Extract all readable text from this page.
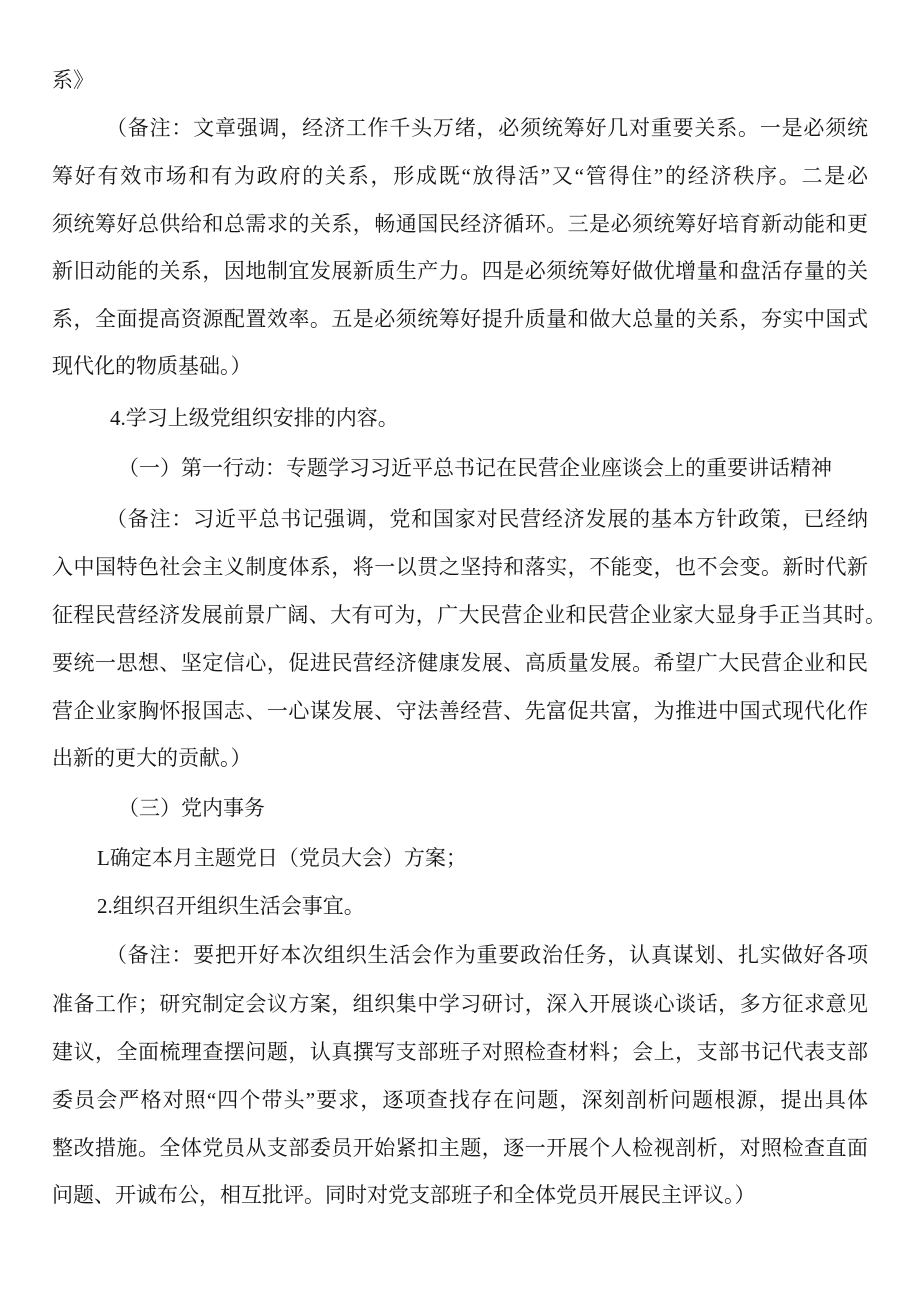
系》
（备注：文章强调，经济工作千头万绪，必须统筹好几对重要关系。一是必须统
筹好有效市场和有为政府的关系，形成既“放得活”又“管得住”的经济秩序。二是必
须统筹好总供给和总需求的关系，畅通国民经济循环。三是必须统筹好培育新动能和更
新旧动能的关系，因地制宜发展新质生产力。四是必须统筹好做优增量和盘活存量的关
系，全面提高资源配置效率。五是必须统筹好提升质量和做大总量的关系，夯实中国式
现代化的物质基础。）
4.学习上级党组织安排的内容。
（一）第一行动：专题学习习近平总书记在民营企业座谈会上的重要讲话精神
（备注：习近平总书记强调，党和国家对民营经济发展的基本方针政策，已经纳
入中国特色社会主义制度体系，将一以贯之坚持和落实，不能变，也不会变。新时代新
征程民营经济发展前景广阔、大有可为，广大民营企业和民营企业家大显身手正当其时。
要统一思想、坚定信心，促进民营经济健康发展、高质量发展。希望广大民营企业和民
营企业家胸怀报国志、一心谋发展、守法善经营、先富促共富，为推进中国式现代化作
出新的更大的贡献。）
（三）党内事务
L确定本月主题党日（党员大会）方案；
2.组织召开组织生活会事宜。
（备注：要把开好本次组织生活会作为重要政治任务，认真谋划、扎实做好各项
准备工作；研究制定会议方案，组织集中学习研讨，深入开展谈心谈话，多方征求意见
建议，全面梳理查摆问题，认真撰写支部班子对照检查材料；会上，支部书记代表支部
委员会严格对照“四个带头”要求，逐项查找存在问题，深刻剖析问题根源，提出具体
整改措施。全体党员从支部委员开始紧扣主题，逐一开展个人检视剖析，对照检查直面
问题、开诚布公，相互批评。同时对党支部班子和全体党员开展民主评议。）
